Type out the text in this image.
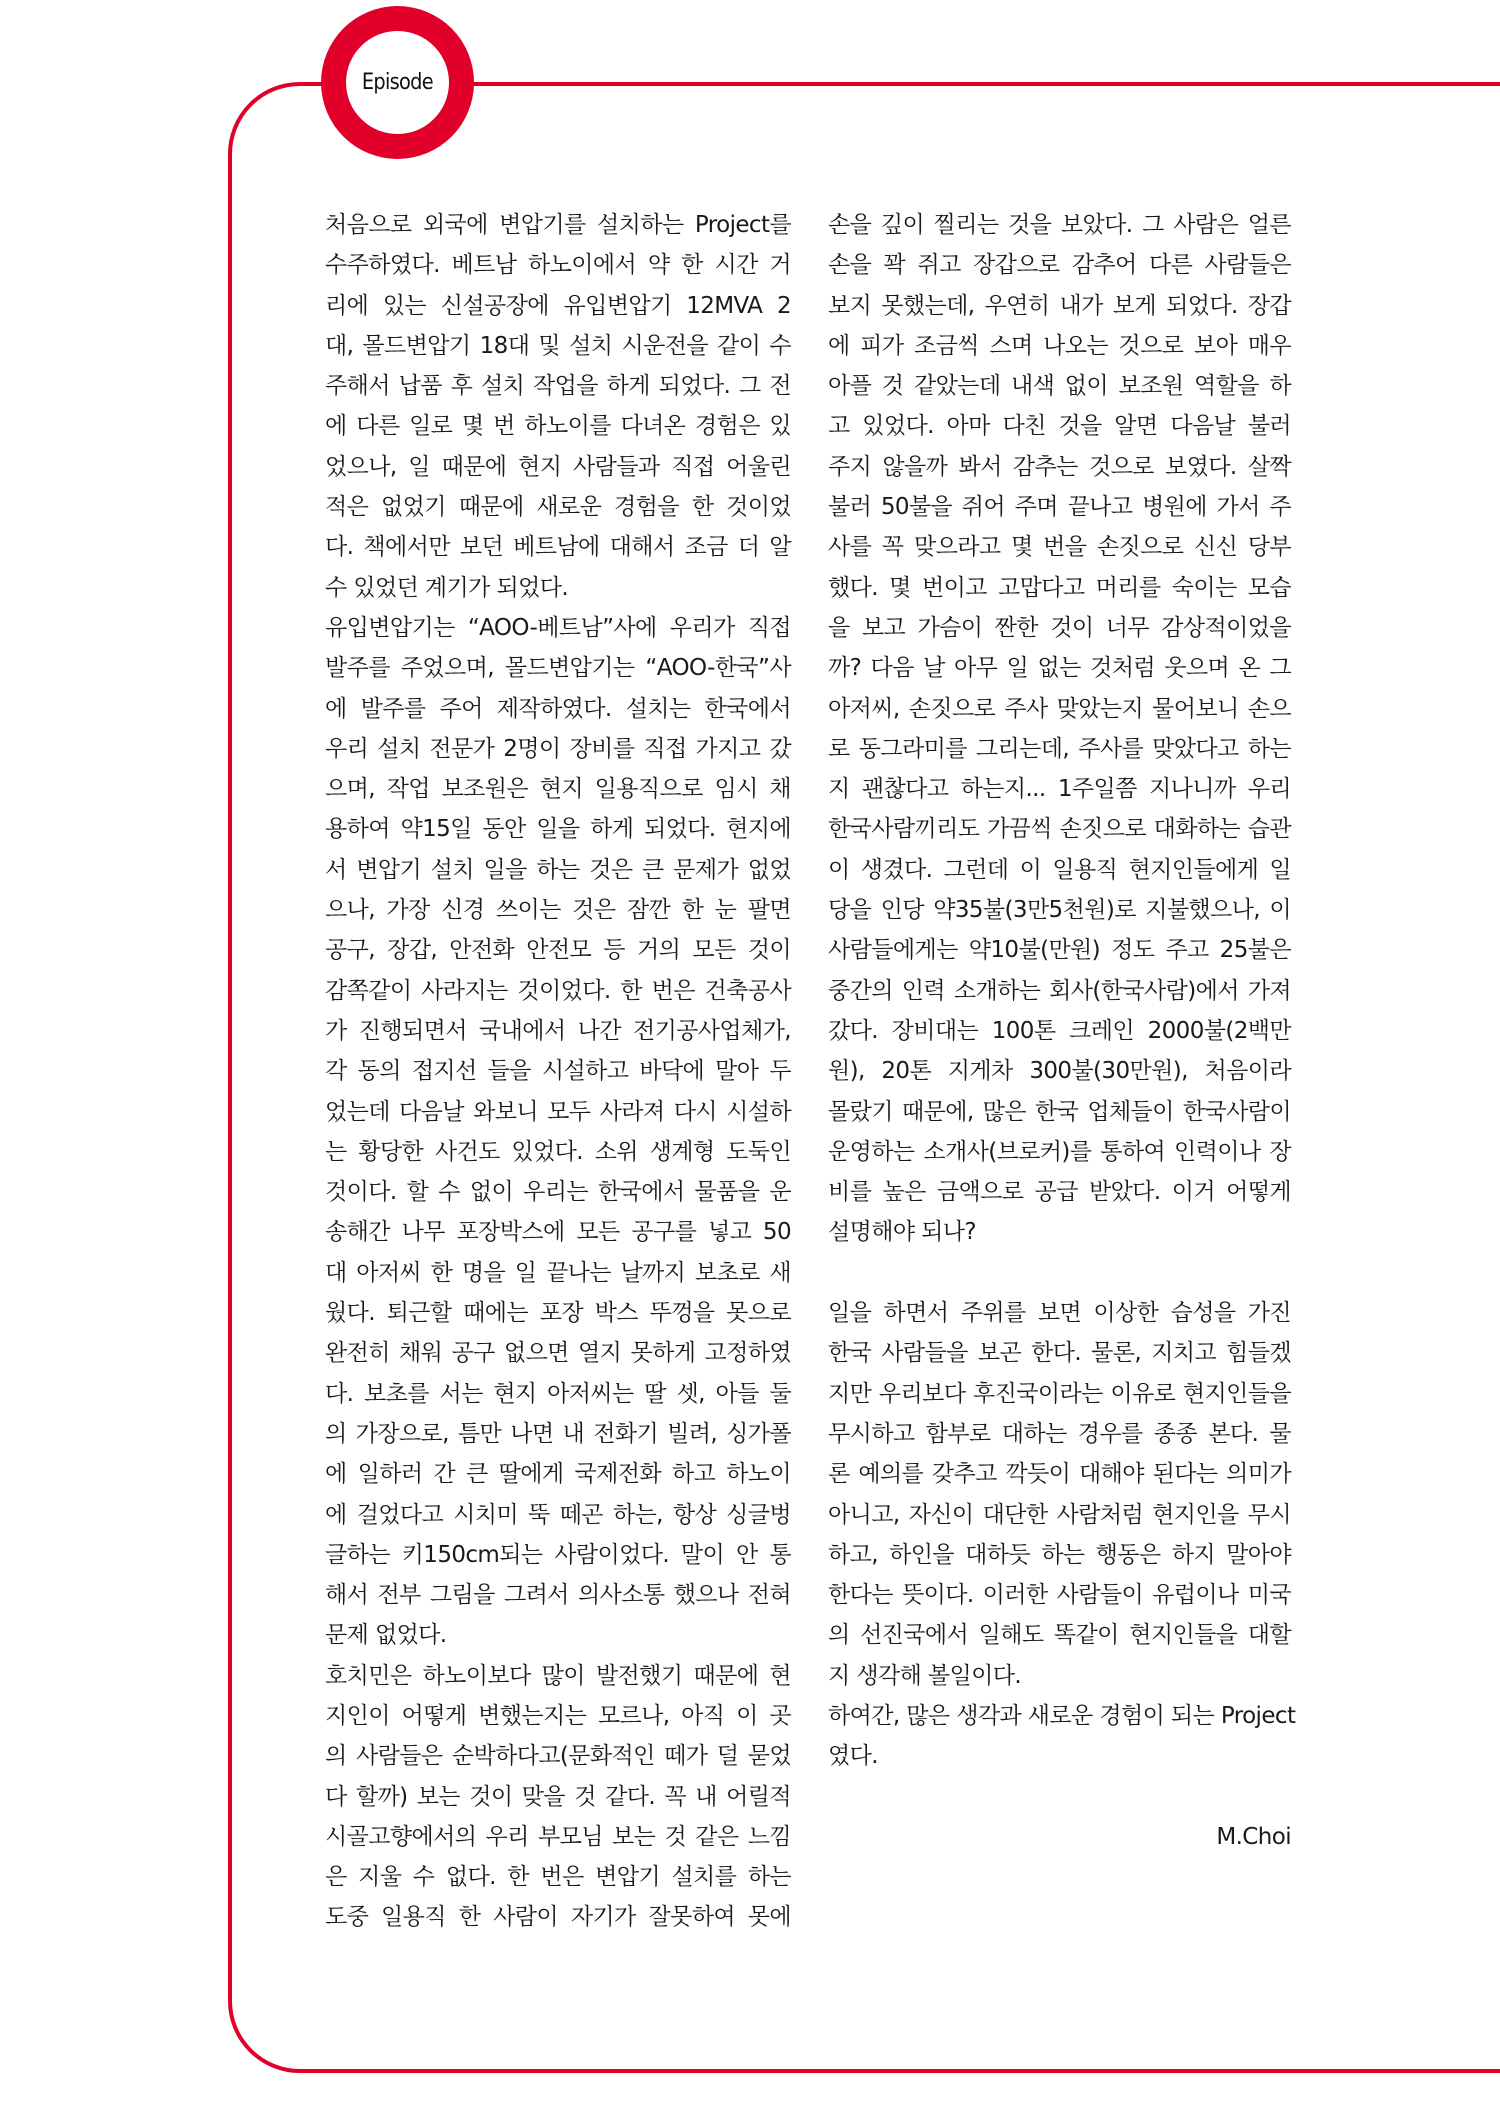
Episode
처음으로 외국에 변압기를 설치하는 Project를
수주하였다. 베트남 하노이에서 약 한 시간 거
리에 있는 신설공장에 유입변압기 12MVA 2
대, 몰드변압기 18대 및 설치 시운전을 같이 수
주해서 납품 후 설치 작업을 하게 되었다. 그 전
에 다른 일로 몇 번 하노이를 다녀온 경험은 있
었으나, 일 때문에 현지 사람들과 직접 어울린
적은 없었기 때문에 새로운 경험을 한 것이었
다. 책에서만 보던 베트남에 대해서 조금 더 알
수 있었던 계기가 되었다.
유입변압기는 “AOO-베트남”사에 우리가 직접
발주를 주었으며, 몰드변압기는 “AOO-한국”사
에 발주를 주어 제작하였다. 설치는 한국에서
우리 설치 전문가 2명이 장비를 직접 가지고 갔
으며, 작업 보조원은 현지 일용직으로 임시 채
용하여 약15일 동안 일을 하게 되었다. 현지에
서 변압기 설치 일을 하는 것은 큰 문제가 없었
으나, 가장 신경 쓰이는 것은 잠깐 한 눈 팔면
공구, 장갑, 안전화 안전모 등 거의 모든 것이
감쪽같이 사라지는 것이었다. 한 번은 건축공사
가 진행되면서 국내에서 나간 전기공사업체가,
각 동의 접지선 들을 시설하고 바닥에 말아 두
었는데 다음날 와보니 모두 사라져 다시 시설하
는 황당한 사건도 있었다. 소위 생계형 도둑인
것이다. 할 수 없이 우리는 한국에서 물품을 운
송해간 나무 포장박스에 모든 공구를 넣고 50
대 아저씨 한 명을 일 끝나는 날까지 보초로 새
웠다. 퇴근할 때에는 포장 박스 뚜껑을 못으로
완전히 채워 공구 없으면 열지 못하게 고정하였
다. 보초를 서는 현지 아저씨는 딸 셋, 아들 둘
의 가장으로, 틈만 나면 내 전화기 빌려, 싱가폴
에 일하러 간 큰 딸에게 국제전화 하고 하노이
에 걸었다고 시치미 뚝 떼곤 하는, 항상 싱글벙
글하는 키150cm되는 사람이었다. 말이 안 통
해서 전부 그림을 그려서 의사소통 했으나 전혀
문제 없었다.
호치민은 하노이보다 많이 발전했기 때문에 현
지인이 어떻게 변했는지는 모르나, 아직 이 곳
의 사람들은 순박하다고(문화적인 떼가 덜 묻었
다 할까) 보는 것이 맞을 것 같다. 꼭 내 어릴적
시골고향에서의 우리 부모님 보는 것 같은 느낌
은 지울 수 없다. 한 번은 변압기 설치를 하는
도중 일용직 한 사람이 자기가 잘못하여 못에
손을 깊이 찔리는 것을 보았다. 그 사람은 얼른
손을 꽉 쥐고 장갑으로 감추어 다른 사람들은
보지 못했는데, 우연히 내가 보게 되었다. 장갑
에 피가 조금씩 스며 나오는 것으로 보아 매우
아플 것 같았는데 내색 없이 보조원 역할을 하
고 있었다. 아마 다친 것을 알면 다음날 불러
주지 않을까 봐서 감추는 것으로 보였다. 살짝
불러 50불을 쥐어 주며 끝나고 병원에 가서 주
사를 꼭 맞으라고 몇 번을 손짓으로 신신 당부
했다. 몇 번이고 고맙다고 머리를 숙이는 모습
을 보고 가슴이 짠한 것이 너무 감상적이었을
까? 다음 날 아무 일 없는 것처럼 웃으며 온 그
아저씨, 손짓으로 주사 맞았는지 물어보니 손으
로 동그라미를 그리는데, 주사를 맞았다고 하는
지 괜찮다고 하는지... 1주일쯤 지나니까 우리
한국사람끼리도 가끔씩 손짓으로 대화하는 습관
이 생겼다. 그런데 이 일용직 현지인들에게 일
당을 인당 약35불(3만5천원)로 지불했으나, 이
사람들에게는 약10불(만원) 정도 주고 25불은
중간의 인력 소개하는 회사(한국사람)에서 가져
갔다. 장비대는 100톤 크레인 2000불(2백만
원), 20톤 지게차 300불(30만원), 처음이라
몰랐기 때문에, 많은 한국 업체들이 한국사람이
운영하는 소개사(브로커)를 통하여 인력이나 장
비를 높은 금액으로 공급 받았다. 이거 어떻게
설명해야 되나?
일을 하면서 주위를 보면 이상한 습성을 가진
한국 사람들을 보곤 한다. 물론, 지치고 힘들겠
지만 우리보다 후진국이라는 이유로 현지인들을
무시하고 함부로 대하는 경우를 종종 본다. 물
론 예의를 갖추고 깍듯이 대해야 된다는 의미가
아니고, 자신이 대단한 사람처럼 현지인을 무시
하고, 하인을 대하듯 하는 행동은 하지 말아야
한다는 뜻이다. 이러한 사람들이 유럽이나 미국
의 선진국에서 일해도 똑같이 현지인들을 대할
지 생각해 볼일이다.
하여간, 많은 생각과 새로운 경험이 되는 Project
였다.
M.Choi
